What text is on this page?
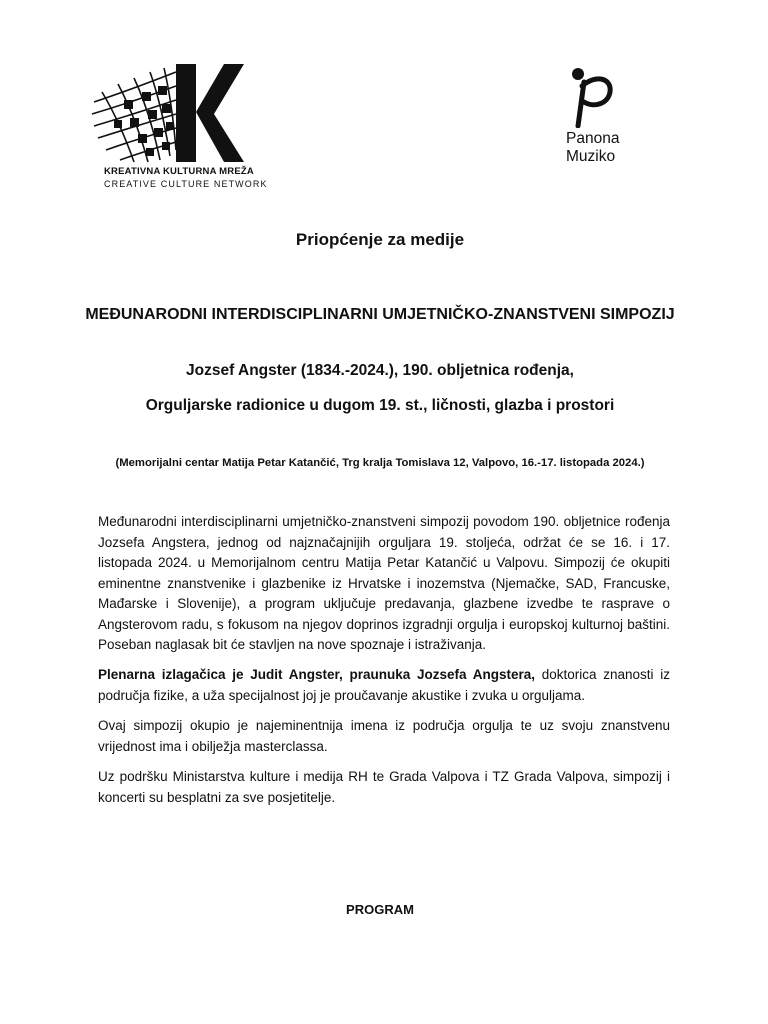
KREATIVNA KULTURNA MREŽA
CREATIVE CULTURE NETWORK
Panona
Muziko
Priopćenje za medije
MEĐUNARODNI INTERDISCIPLINARNI UMJETNIČKO-ZNANSTVENI SIMPOZIJ
Jozsef Angster (1834.-2024.), 190. obljetnica rođenja,
Orguljarske radionice u dugom 19. st., ličnosti, glazba i prostori
(Memorijalni centar Matija Petar Katančić, Trg kralja Tomislava 12, Valpovo, 16.-17. listopada 2024.)

Međunarodni interdisciplinarni umjetničko-znanstveni simpozij povodom 190. obljetnice rođenja Jozsefa Angstera, jednog od najznačajnijih orguljara 19. stoljeća, održat će se 16. i 17. listopada 2024. u Memorijalnom centru Matija Petar Katančić u Valpovu. Simpozij će okupiti eminentne znanstvenike i glazbenike iz Hrvatske i inozemstva (Njemačke, SAD, Francuske, Mađarske i Slovenije), a program uključuje predavanja, glazbene izvedbe te rasprave o Angsterovom radu, s fokusom na njegov doprinos izgradnji orgulja i europskoj kulturnoj baštini. Poseban naglasak bit će stavljen na nove spoznaje i istraživanja.

Plenarna izlagačica je Judit Angster, praunuka Jozsefa Angstera, doktorica znanosti iz područja fizike, a uža specijalnost joj je proučavanje akustike i zvuka u orguljama.

Ovaj simpozij okupio je najeminentnija imena iz područja orgulja te uz svoju znanstvenu vrijednost ima i obilježja masterclassa.

Uz podršku Ministarstva kulture i medija RH te Grada Valpova i TZ Grada Valpova, simpozij i koncerti su besplatni za sve posjetitelje.

PROGRAM
